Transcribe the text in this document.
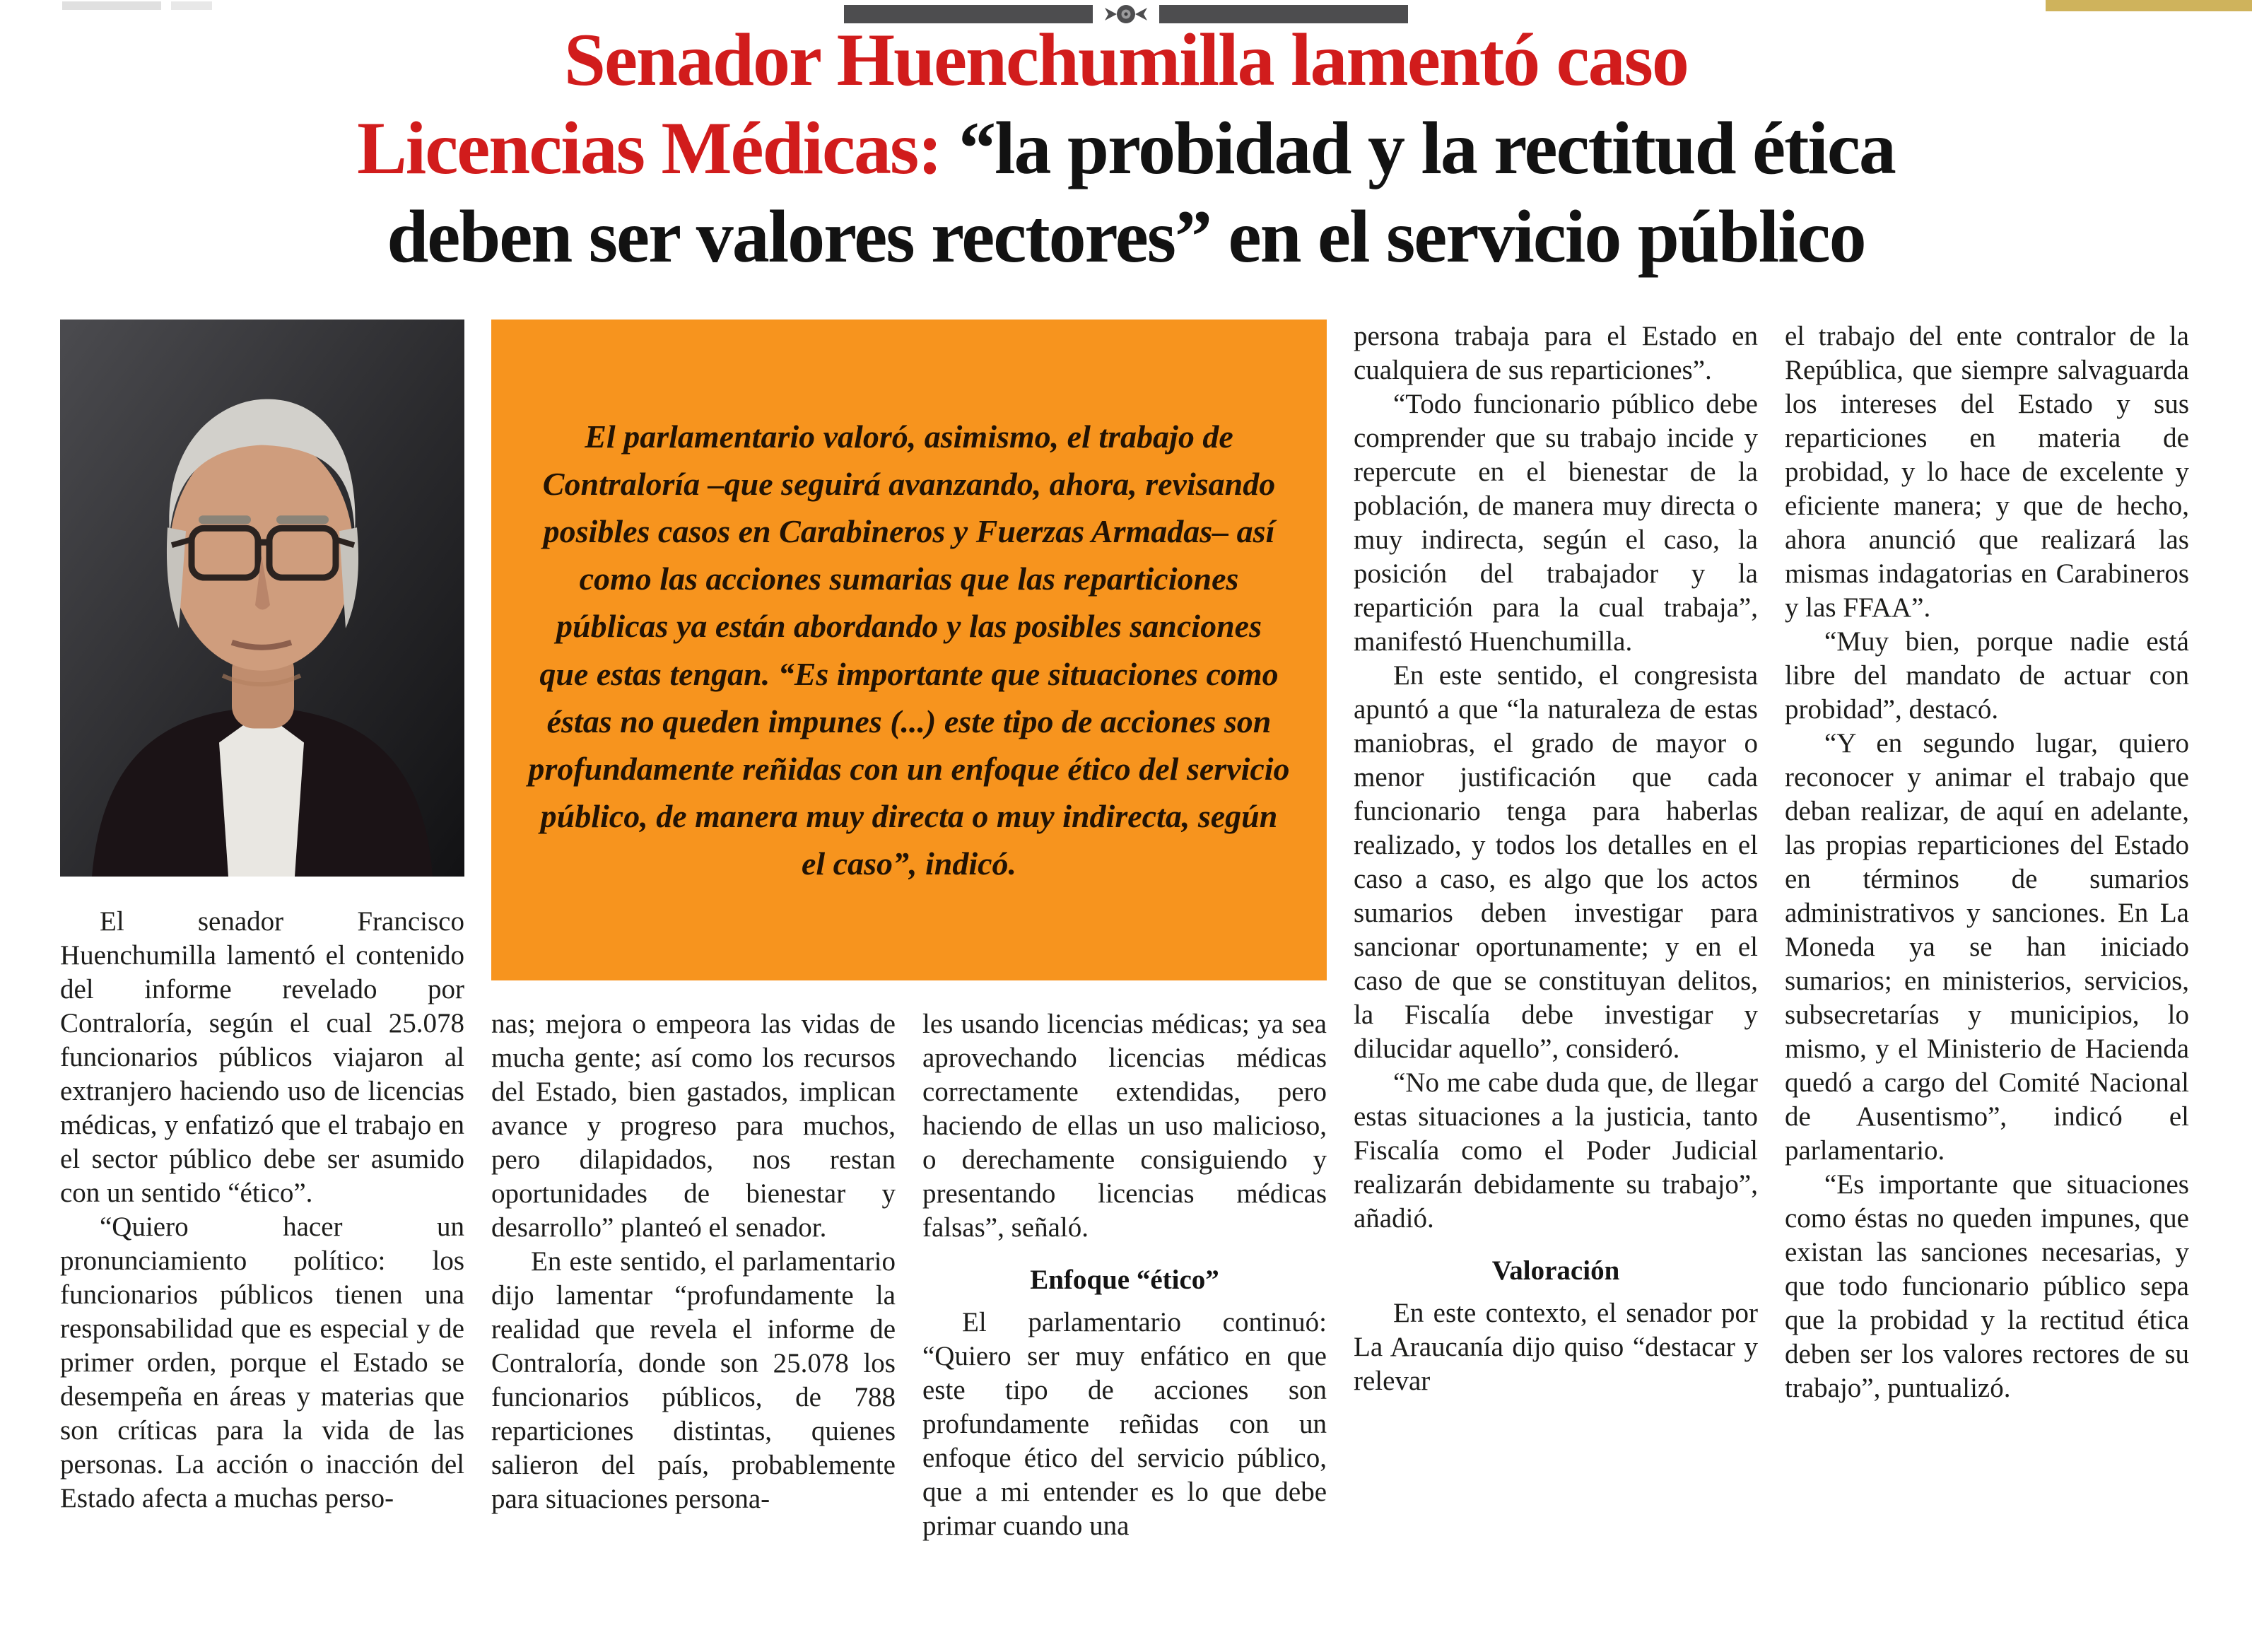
Senador Huenchumilla lamentó caso
Licencias Médicas: “la probidad y la rectitud ética
deben ser valores rectores” en el servicio público

El parlamentario valoró, asimismo, el trabajo de Contraloría –que seguirá avanzando, ahora, revisando posibles casos en Carabineros y Fuerzas Armadas– así como las acciones sumarias que las reparticiones públicas ya están abordando y las posibles sanciones que estas tengan. “Es importante que situaciones como éstas no queden impunes (...) este tipo de acciones son profundamente reñidas con un enfoque ético del servicio público, de manera muy directa o muy indirecta, según el caso”, indicó.

El senador Francisco Huenchumilla lamentó el contenido del informe revelado por Contraloría, según el cual 25.078 funcionarios públicos viajaron al extranjero haciendo uso de licencias médicas, y enfatizó que el trabajo en el sector público debe ser asumido con un sentido “ético”.

“Quiero hacer un pronunciamiento político: los funcionarios públicos tienen una responsabilidad que es especial y de primer orden, porque el Estado se desempeña en áreas y materias que son críticas para la vida de las personas. La acción o inacción del Estado afecta a muchas perso-

nas; mejora o empeora las vidas de mucha gente; así como los recursos del Estado, bien gastados, implican avance y progreso para muchos, pero dilapidados, nos restan oportunidades de bienestar y desarrollo” planteó el senador.

En este sentido, el parlamentario dijo lamentar “profundamente la realidad que revela el informe de Contraloría, donde son 25.078 los funcionarios públicos, de 788 reparticiones distintas, quienes salieron del país, probablemente para situaciones persona-

les usando licencias médicas; ya sea aprovechando licencias médicas correctamente extendidas, pero haciendo de ellas un uso malicioso, o derechamente consiguiendo y presentando licencias médicas falsas”, señaló.

Enfoque “ético”

El parlamentario continuó: “Quiero ser muy enfático en que este tipo de acciones son profundamente reñidas con un enfoque ético del servicio público, que a mi entender es lo que debe primar cuando una

persona trabaja para el Estado en cualquiera de sus reparticiones”.

“Todo funcionario público debe comprender que su trabajo incide y repercute en el bienestar de la población, de manera muy directa o muy indirecta, según el caso, la posición del trabajador y la repartición para la cual trabaja”, manifestó Huenchumilla.

En este sentido, el congresista apuntó a que “la naturaleza de estas maniobras, el grado de mayor o menor justificación que cada funcionario tenga para haberlas realizado, y todos los detalles en el caso a caso, es algo que los actos sumarios deben investigar para sancionar oportunamente; y en el caso de que se constituyan delitos, la Fiscalía debe investigar y dilucidar aquello”, consideró.

“No me cabe duda que, de llegar estas situaciones a la justicia, tanto Fiscalía como el Poder Judicial realizarán debidamente su trabajo”, añadió.

Valoración

En este contexto, el senador por La Araucanía dijo quiso “destacar y relevar

el trabajo del ente contralor de la República, que siempre salvaguarda los intereses del Estado y sus reparticiones en materia de probidad, y lo hace de excelente y eficiente manera; y que de hecho, ahora anunció que realizará las mismas indagatorias en Carabineros y las FFAA”.

“Muy bien, porque nadie está libre del mandato de actuar con probidad”, destacó.

“Y en segundo lugar, quiero reconocer y animar el trabajo que deban realizar, de aquí en adelante, las propias reparticiones del Estado en términos de sumarios administrativos y sanciones. En La Moneda ya se han iniciado sumarios; en ministerios, servicios, subsecretarías y municipios, lo mismo, y el Ministerio de Hacienda quedó a cargo del Comité Nacional de Ausentismo”, indicó el parlamentario.

“Es importante que situaciones como éstas no queden impunes, que existan las sanciones necesarias, y que todo funcionario público sepa que la probidad y la rectitud ética deben ser los valores rectores de su trabajo”, puntualizó.
